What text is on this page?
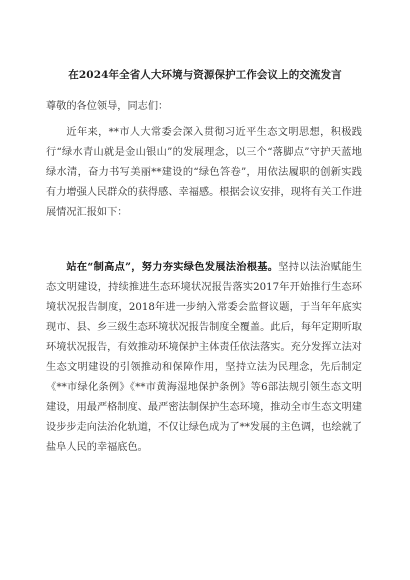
在2024年全省人大环境与资源保护工作会议上的交流发言
尊敬的各位领导，同志们：

近年来，**市人大常委会深入贯彻习近平生态文明思想，积极践行“绿水青山就是金山银山”的发展理念，以三个“落脚点”守护天蓝地绿水清，奋力书写美丽**建设的“绿色答卷”，用依法履职的创新实践有力增强人民群众的获得感、幸福感。根据会议安排，现将有关工作进展情况汇报如下：

站在“制高点”，努力夯实绿色发展法治根基。坚持以法治赋能生态文明建设，持续推进生态环境状况报告落实2017年开始推行生态环境状况报告制度，2018年进一步纳入常委会监督议题，于当年年底实现市、县、乡三级生态环境状况报告制度全覆盖。此后，每年定期听取环境状况报告，有效推动环境保护主体责任依法落实。充分发挥立法对生态文明建设的引领推动和保障作用，坚持立法为民理念，先后制定《**市绿化条例》《**市黄海湿地保护条例》等6部法规引领生态文明建设，用最严格制度、最严密法制保护生态环境，推动全市生态文明建设步步走向法治化轨道，不仅让绿色成为了**发展的主色调，也绘就了盐阜人民的幸福底色。
